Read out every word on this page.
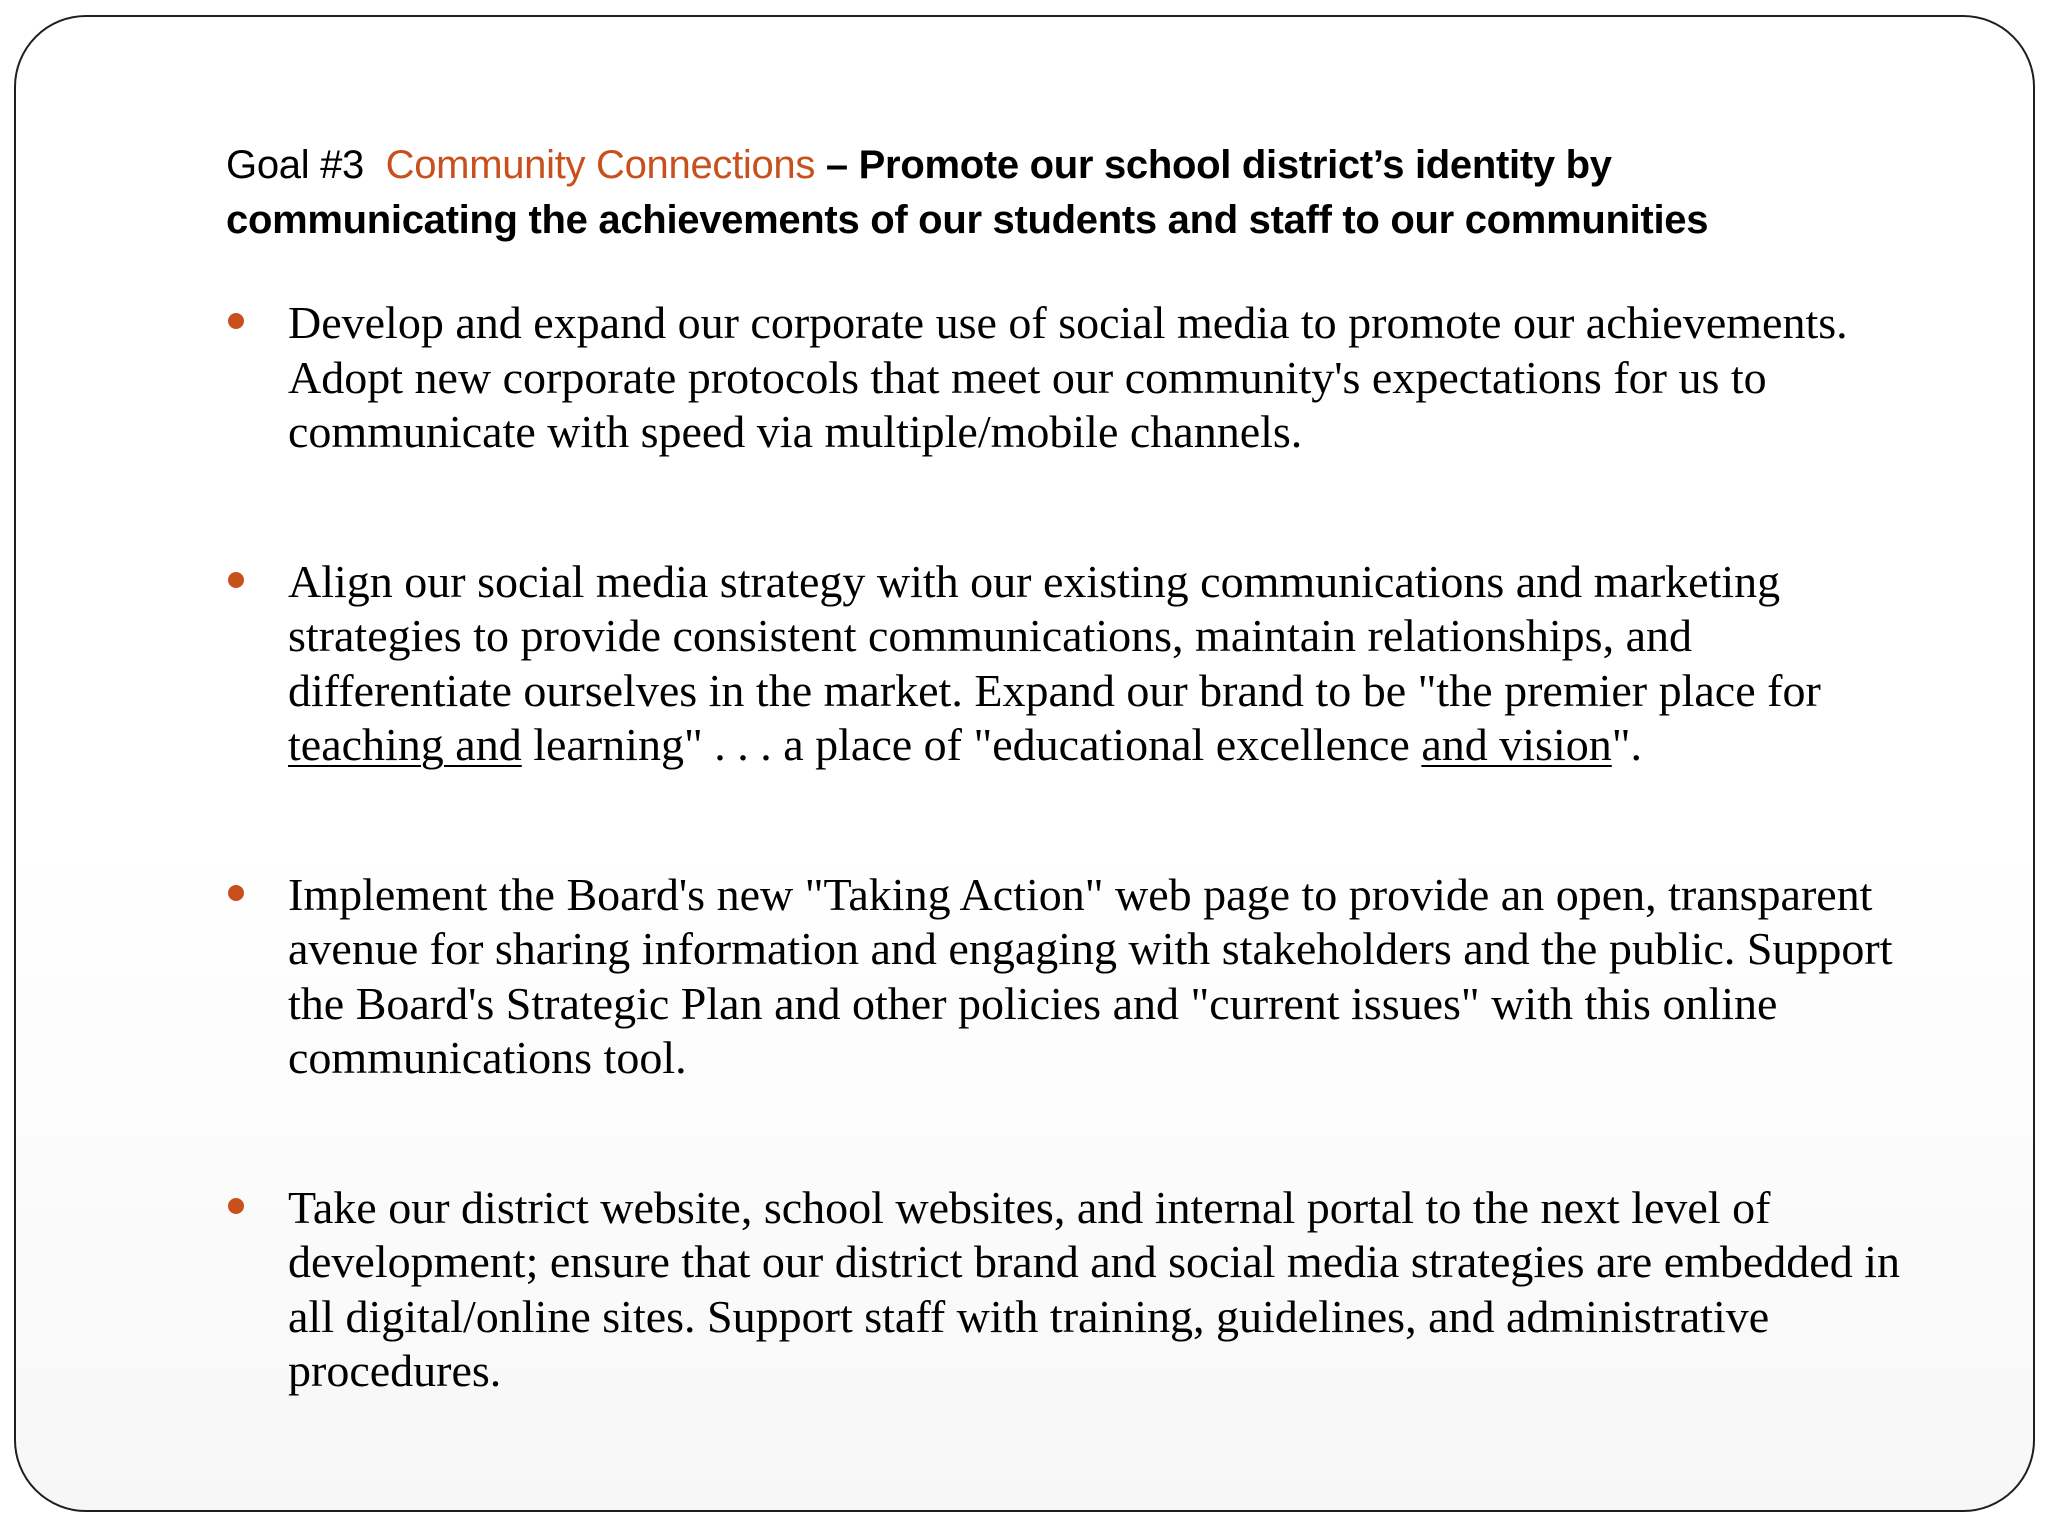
Goal #3 Community Connections – Promote our school district’s identity by communicating the achievements of our students and staff to our communities
Develop and expand our corporate use of social media to promote our achievements. Adopt new corporate protocols that meet our community's expectations for us to communicate with speed via multiple/mobile channels.
Align our social media strategy with our existing communications and marketing strategies to provide consistent communications, maintain relationships, and differentiate ourselves in the market. Expand our brand to be "the premier place for teaching and learning" . . . a place of "educational excellence and vision".
Implement the Board's new "Taking Action" web page to provide an open, transparent avenue for sharing information and engaging with stakeholders and the public. Support the Board's Strategic Plan and other policies and "current issues" with this online communications tool.
Take our district website, school websites, and internal portal to the next level of development; ensure that our district brand and social media strategies are embedded in all digital/online sites. Support staff with training, guidelines, and administrative procedures.
